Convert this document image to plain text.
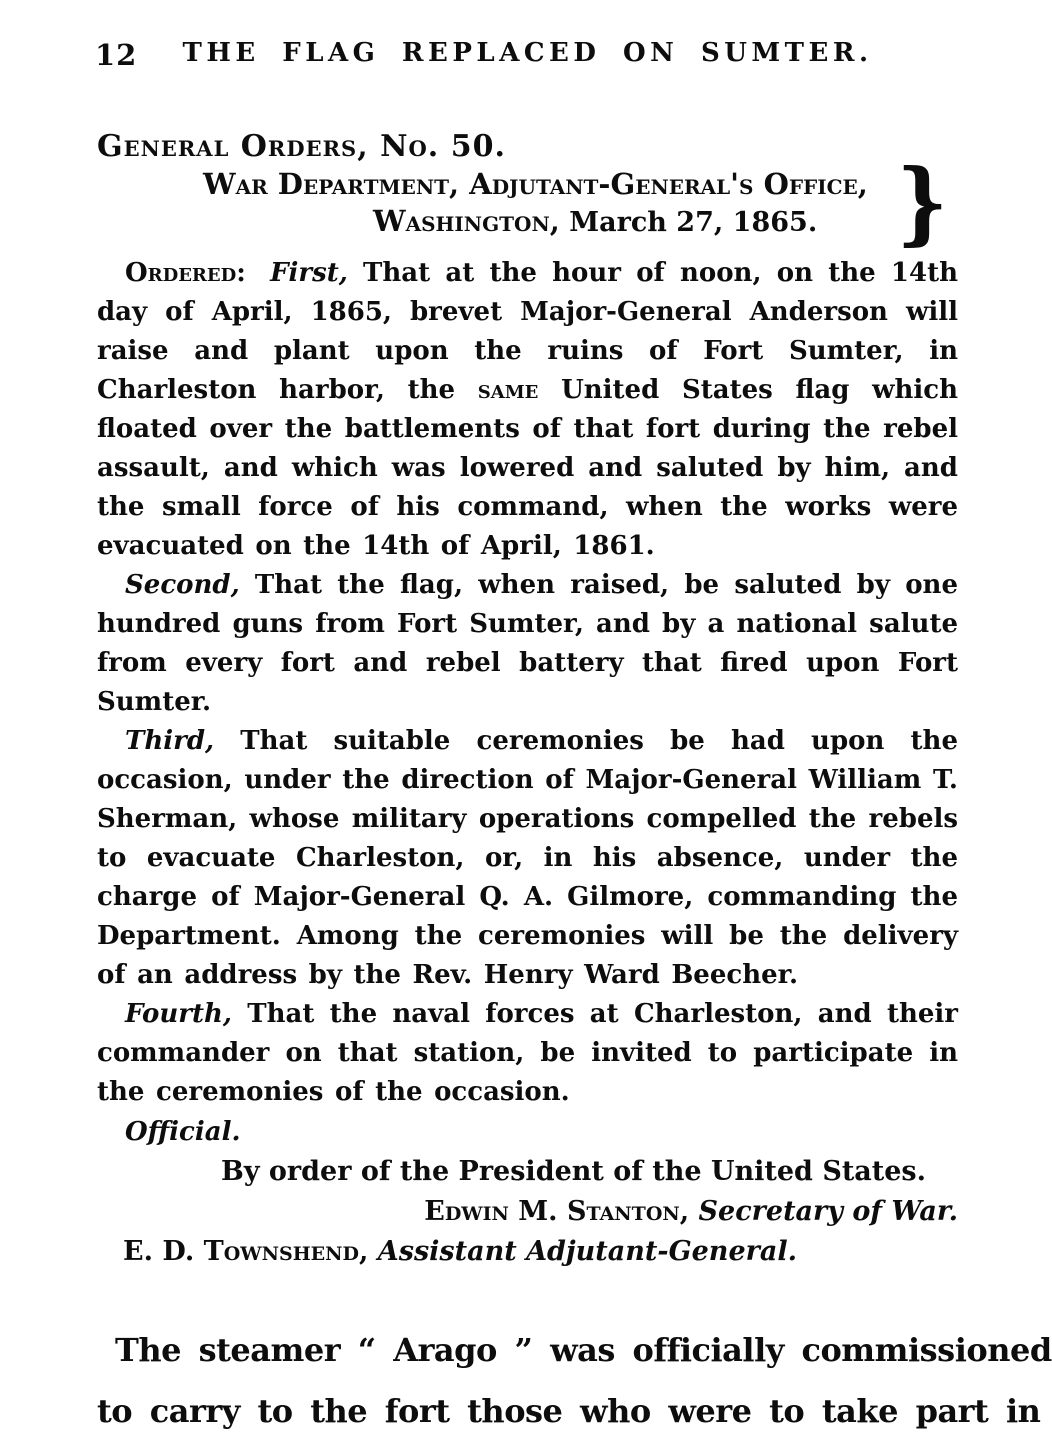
12	THE FLAG REPLACED ON SUMTER.
General Orders, No. 50.
War Department, Adjutant-General's Office,
Washington, March 27, 1865. }

Ordered: First, That at the hour of noon, on the 14th day of April, 1865, brevet Major-General Anderson will raise and plant upon the ruins of Fort Sumter, in Charleston harbor, the same United States flag which floated over the battlements of that fort during the rebel assault, and which was lowered and saluted by him, and the small force of his command, when the works were evacuated on the 14th of April, 1861.

Second, That the flag, when raised, be saluted by one hundred guns from Fort Sumter, and by a national salute from every fort and rebel battery that fired upon Fort Sumter.

Third, That suitable ceremonies be had upon the occasion, under the direction of Major-General William T. Sherman, whose military operations compelled the rebels to evacuate Charleston, or, in his absence, under the charge of Major-General Q. A. Gilmore, commanding the Department. Among the ceremonies will be the delivery of an address by the Rev. Henry Ward Beecher.

Fourth, That the naval forces at Charleston, and their commander on that station, be invited to participate in the ceremonies of the occasion.

Official.
By order of the President of the United States.
Edwin M. Stanton, Secretary of War.
E. D. Townshend, Assistant Adjutant-General.
The steamer “ Arago ” was officially commissioned
to carry to the fort those who were to take part in
